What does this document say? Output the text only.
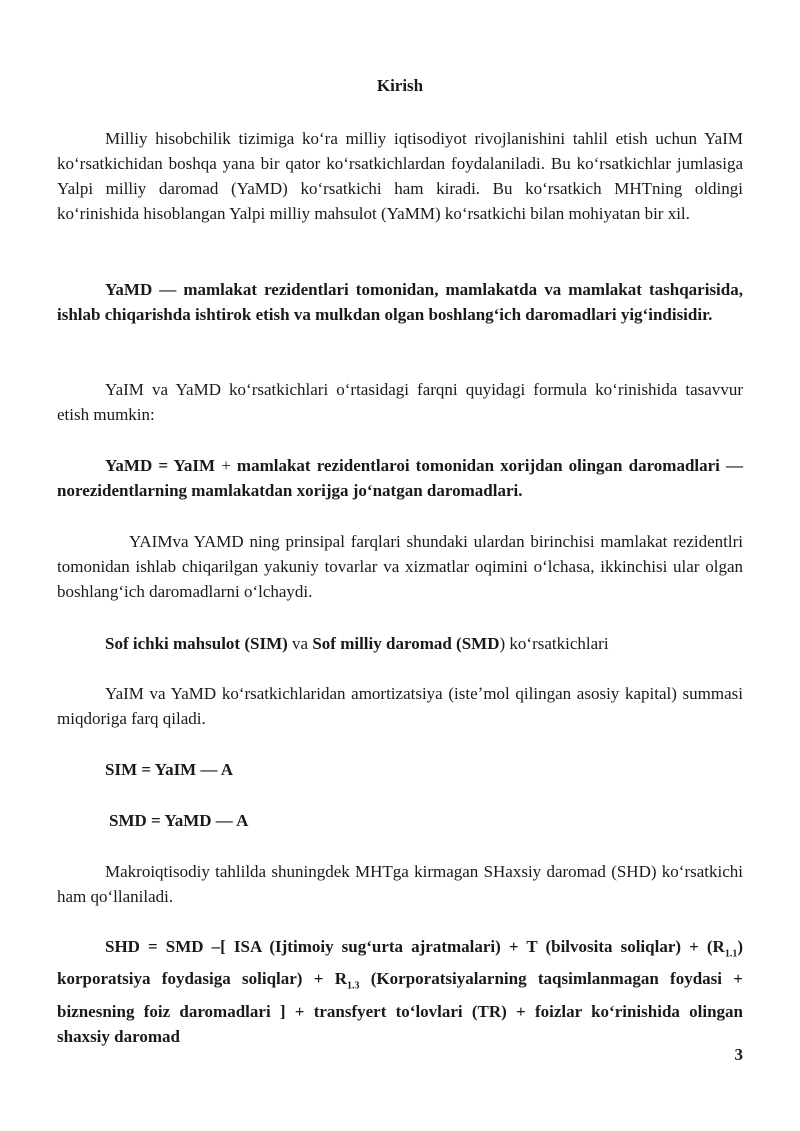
Kirish

Milliy hisobchilik tizimiga koʻra milliy iqtisodiyot rivojlanishini tahlil etish uchun YaIM koʻrsatkichidan boshqa yana bir qator koʻrsatkichlardan foydalaniladi. Bu koʻrsatkichlar jumlasiga Yalpi milliy daromad (YaMD) koʻrsatkichi ham kiradi. Bu koʻrsatkich MHTning oldingi koʻrinishida hisoblangan Yalpi milliy mahsulot (YaMM) koʻrsatkichi bilan mohiyatan bir xil.

YaMD — mamlakat rezidentlari tomonidan, mamlakatda va mamlakat tashqarisida, ishlab chiqarishda ishtirok etish va mulkdan olgan boshlangʻich daromadlari yigʻindisidir.

YaIM va YaMD koʻrsatkichlari oʻrtasidagi farqni quyidagi formula koʻrinishida tasavvur etish mumkin:

YaMD = YaIM + mamlakat rezidentlaroi tomonidan xorijdan olingan daromadlari — norezidentlarning mamlakatdan xorijga joʻnatgan daromadlari.

YAIMva YAMD ning prinsipal farqlari shundaki ulardan birinchisi mamlakat rezidentlri tomonidan ishlab chiqarilgan yakuniy tovarlar va xizmatlar oqimini oʻlchasa, ikkinchisi ular olgan boshlangʻich daromadlarni oʻlchaydi.

Sof ichki mahsulot (SIM) va Sof milliy daromad (SMD) koʻrsatkichlari

YaIM va YaMD koʻrsatkichlaridan amortizatsiya (isteʼmol qilingan asosiy kapital) summasi miqdoriga farq qiladi.

SIM = YaIM — A

SMD = YaMD — A

Makroiqtisodiy tahlilda shuningdek MHTga kirmagan SHaxsiy daromad (SHD) koʻrsatkichi ham qoʻllaniladi.

SHD = SMD –[ ISA (Ijtimoiy sugʻurta ajratmalari) + T (bilvosita soliqlar) + $(R_{1.1})$ korporatsiya foydasiga soliqlar) + $R_{1.3}$ (Korporatsiyalarning taqsimlanmagan foydasi + biznesning foiz daromadlari ] + transfyert toʻlovlari (TR) + foizlar koʻrinishida olingan shaxsiy daromad

3
